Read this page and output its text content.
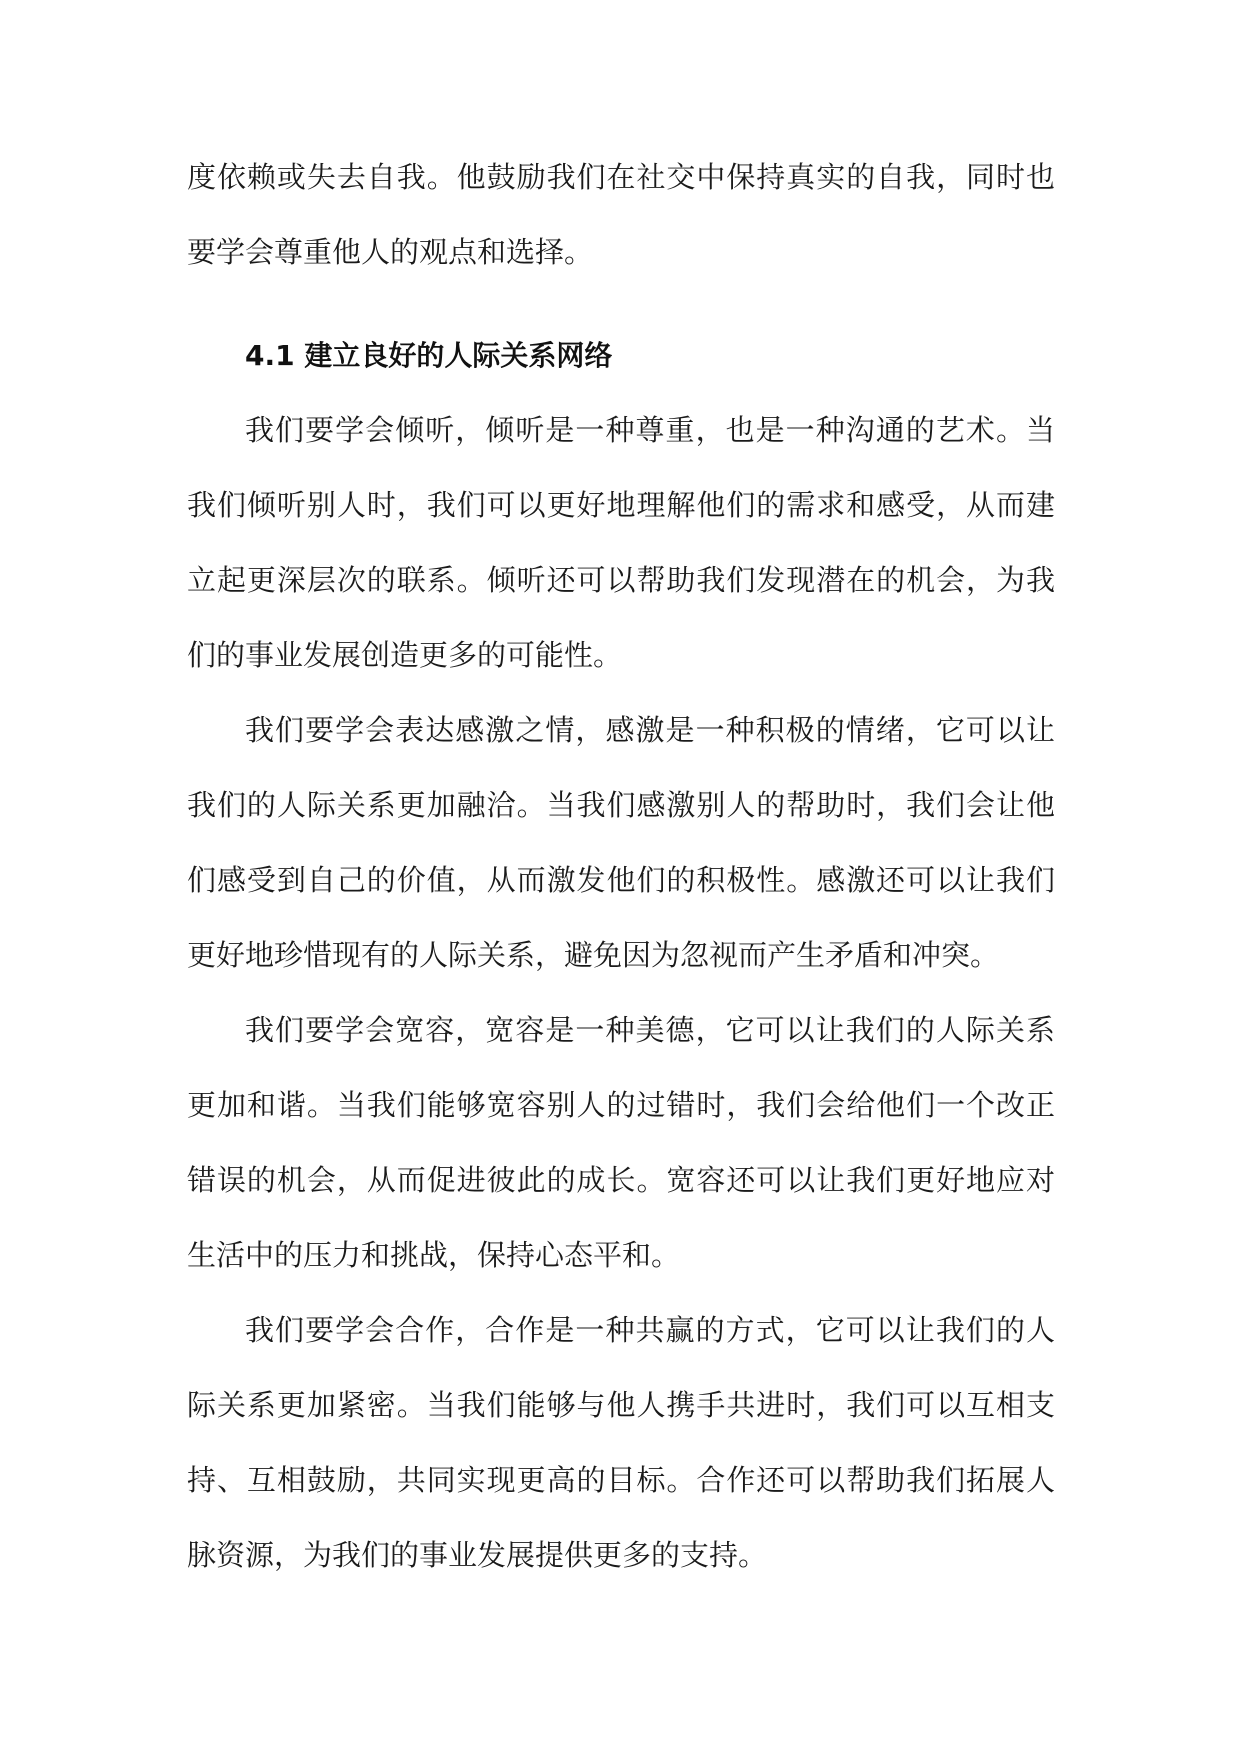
度依赖或失去自我。他鼓励我们在社交中保持真实的自我，同时也要学会尊重他人的观点和选择。

4.1 建立良好的人际关系网络

我们要学会倾听，倾听是一种尊重，也是一种沟通的艺术。当我们倾听别人时，我们可以更好地理解他们的需求和感受，从而建立起更深层次的联系。倾听还可以帮助我们发现潜在的机会，为我们的事业发展创造更多的可能性。

我们要学会表达感激之情，感激是一种积极的情绪，它可以让我们的人际关系更加融洽。当我们感激别人的帮助时，我们会让他们感受到自己的价值，从而激发他们的积极性。感激还可以让我们更好地珍惜现有的人际关系，避免因为忽视而产生矛盾和冲突。

我们要学会宽容，宽容是一种美德，它可以让我们的人际关系更加和谐。当我们能够宽容别人的过错时，我们会给他们一个改正错误的机会，从而促进彼此的成长。宽容还可以让我们更好地应对生活中的压力和挑战，保持心态平和。

我们要学会合作，合作是一种共赢的方式，它可以让我们的人际关系更加紧密。当我们能够与他人携手共进时，我们可以互相支持、互相鼓励，共同实现更高的目标。合作还可以帮助我们拓展人脉资源，为我们的事业发展提供更多的支持。
